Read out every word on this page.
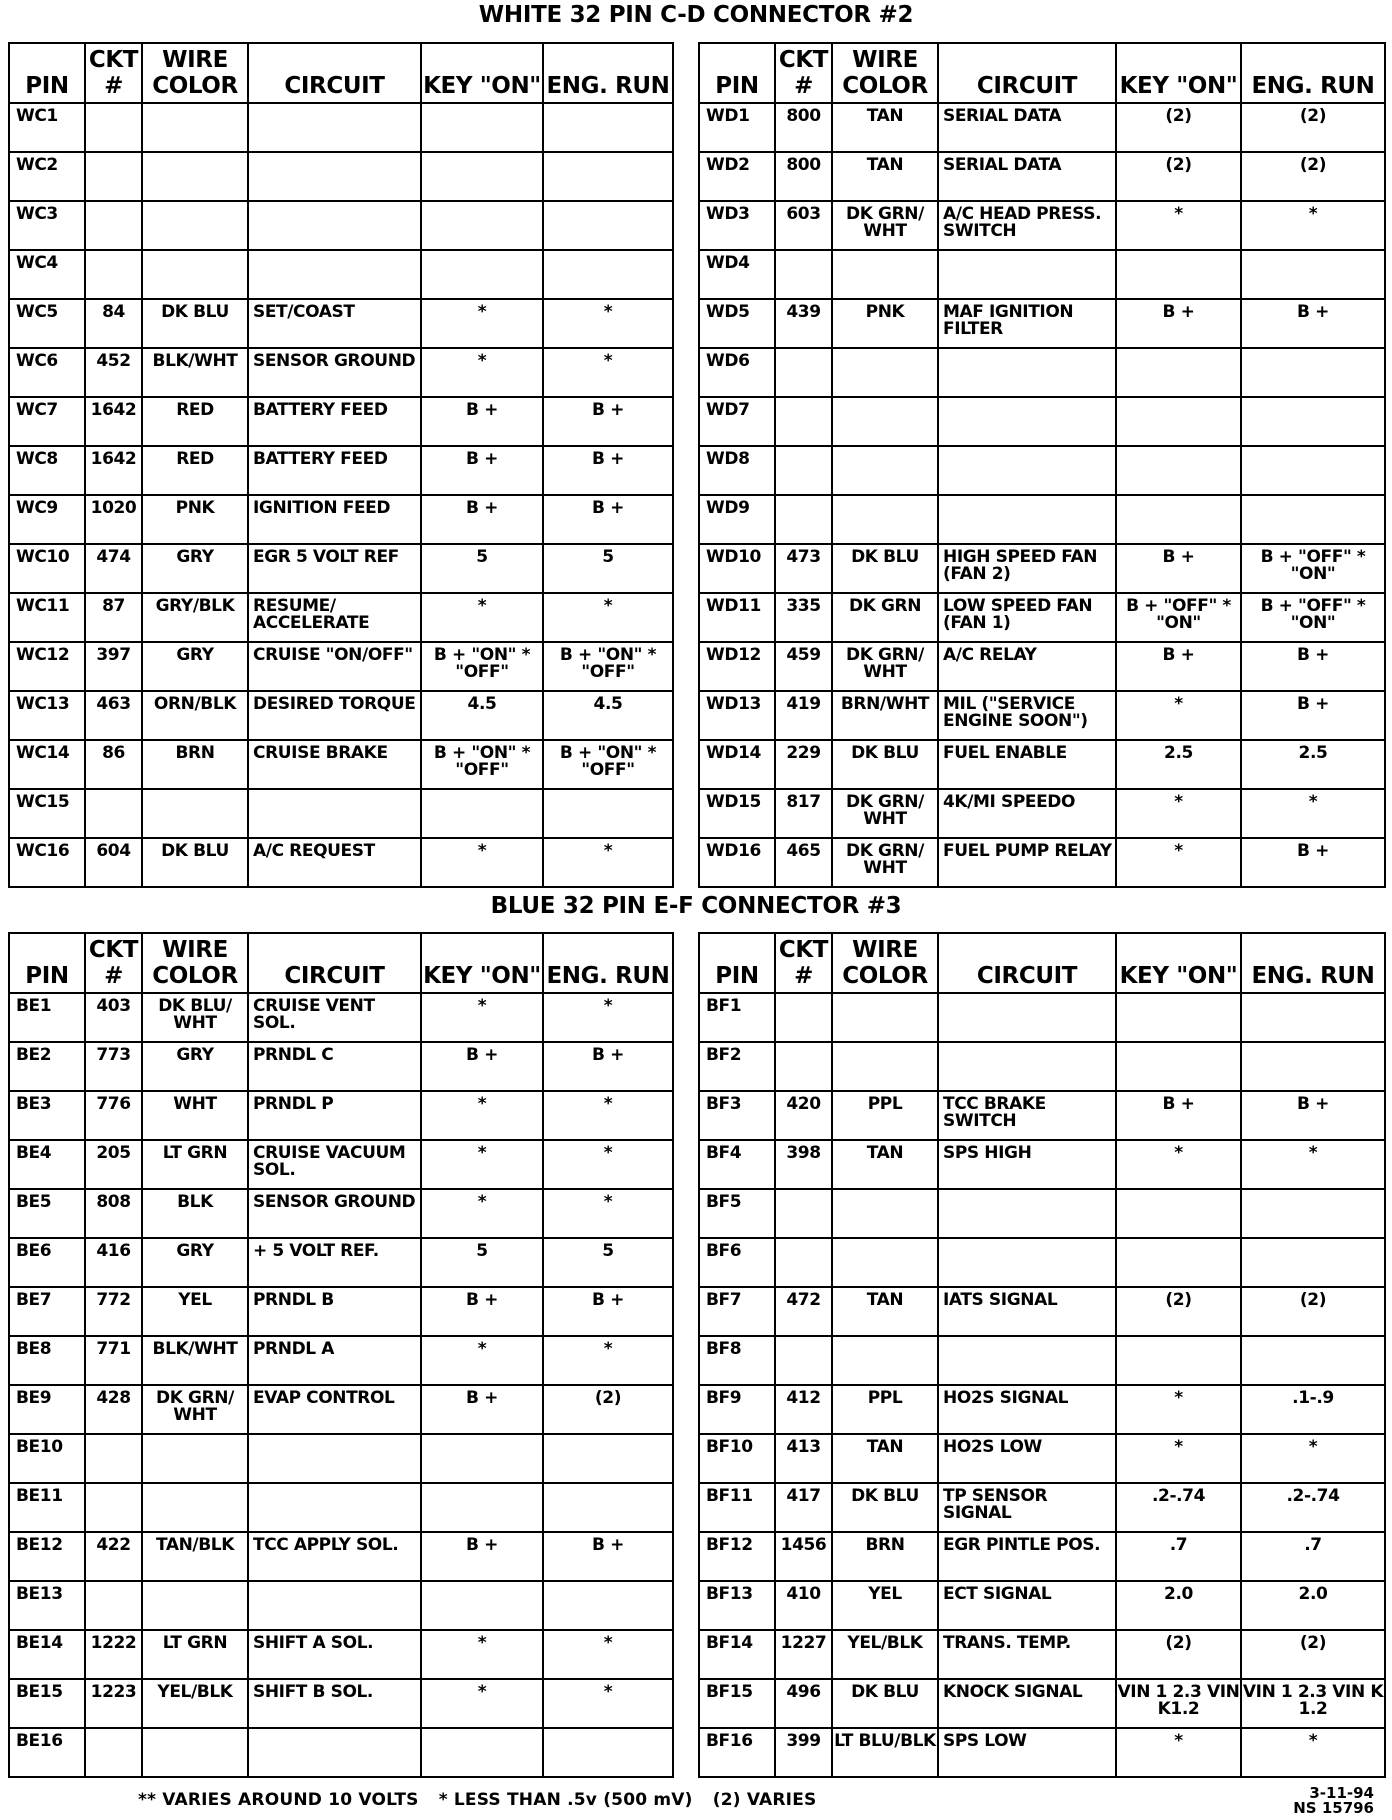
WHITE 32 PIN C-D CONNECTOR #2
PIN	CKT #	WIRE COLOR	CIRCUIT	KEY "ON"	ENG. RUN
WC1					
WC2					
WC3					
WC4					
WC5	84	DK BLU	SET/COAST	*	*
WC6	452	BLK/WHT	SENSOR GROUND	*	*
WC7	1642	RED	BATTERY FEED	B +	B +
WC8	1642	RED	BATTERY FEED	B +	B +
WC9	1020	PNK	IGNITION FEED	B +	B +
WC10	474	GRY	EGR 5 VOLT REF	5	5
WC11	87	GRY/BLK	RESUME/ ACCELERATE	*	*
WC12	397	GRY	CRUISE "ON/OFF"	B + "ON" * "OFF"	B + "ON" * "OFF"
WC13	463	ORN/BLK	DESIRED TORQUE	4.5	4.5
WC14	86	BRN	CRUISE BRAKE	B + "ON" * "OFF"	B + "ON" * "OFF"
WC15					
WC16	604	DK BLU	A/C REQUEST	*	*
PIN	CKT #	WIRE COLOR	CIRCUIT	KEY "ON"	ENG. RUN
WD1	800	TAN	SERIAL DATA	(2)	(2)
WD2	800	TAN	SERIAL DATA	(2)	(2)
WD3	603	DK GRN/ WHT	A/C HEAD PRESS. SWITCH	*	*
WD4					
WD5	439	PNK	MAF IGNITION FILTER	B +	B +
WD6					
WD7					
WD8					
WD9					
WD10	473	DK BLU	HIGH SPEED FAN (FAN 2)	B +	B + "OFF" * "ON"
WD11	335	DK GRN	LOW SPEED FAN (FAN 1)	B + "OFF" * "ON"	B + "OFF" * "ON"
WD12	459	DK GRN/ WHT	A/C RELAY	B +	B +
WD13	419	BRN/WHT	MIL ("SERVICE ENGINE SOON")	*	B +
WD14	229	DK BLU	FUEL ENABLE	2.5	2.5
WD15	817	DK GRN/ WHT	4K/MI SPEEDO	*	*
WD16	465	DK GRN/ WHT	FUEL PUMP RELAY	*	B +
BLUE 32 PIN E-F CONNECTOR #3
PIN	CKT #	WIRE COLOR	CIRCUIT	KEY "ON"	ENG. RUN
BE1	403	DK BLU/ WHT	CRUISE VENT SOL.	*	*
BE2	773	GRY	PRNDL C	B +	B +
BE3	776	WHT	PRNDL P	*	*
BE4	205	LT GRN	CRUISE VACUUM SOL.	*	*
BE5	808	BLK	SENSOR GROUND	*	*
BE6	416	GRY	+ 5 VOLT REF.	5	5
BE7	772	YEL	PRNDL B	B +	B +
BE8	771	BLK/WHT	PRNDL A	*	*
BE9	428	DK GRN/ WHT	EVAP CONTROL	B +	(2)
BE10					
BE11					
BE12	422	TAN/BLK	TCC APPLY SOL.	B +	B +
BE13					
BE14	1222	LT GRN	SHIFT A SOL.	*	*
BE15	1223	YEL/BLK	SHIFT B SOL.	*	*
BE16					
PIN	CKT #	WIRE COLOR	CIRCUIT	KEY "ON"	ENG. RUN
BF1					
BF2					
BF3	420	PPL	TCC BRAKE SWITCH	B +	B +
BF4	398	TAN	SPS HIGH	*	*
BF5					
BF6					
BF7	472	TAN	IATS SIGNAL	(2)	(2)
BF8					
BF9	412	PPL	HO2S SIGNAL	*	.1-.9
BF10	413	TAN	HO2S LOW	*	*
BF11	417	DK BLU	TP SENSOR SIGNAL	.2-.74	.2-.74
BF12	1456	BRN	EGR PINTLE POS.	.7	.7
BF13	410	YEL	ECT SIGNAL	2.0	2.0
BF14	1227	YEL/BLK	TRANS. TEMP.	(2)	(2)
BF15	496	DK BLU	KNOCK SIGNAL	VIN 1 2.3 VIN K1.2	VIN 1 2.3 VIN K 1.2
BF16	399	LT BLU/BLK	SPS LOW	*	*
** VARIES AROUND 10 VOLTS * LESS THAN .5v (500 mV) (2) VARIES	3-11-94
NS 15796
